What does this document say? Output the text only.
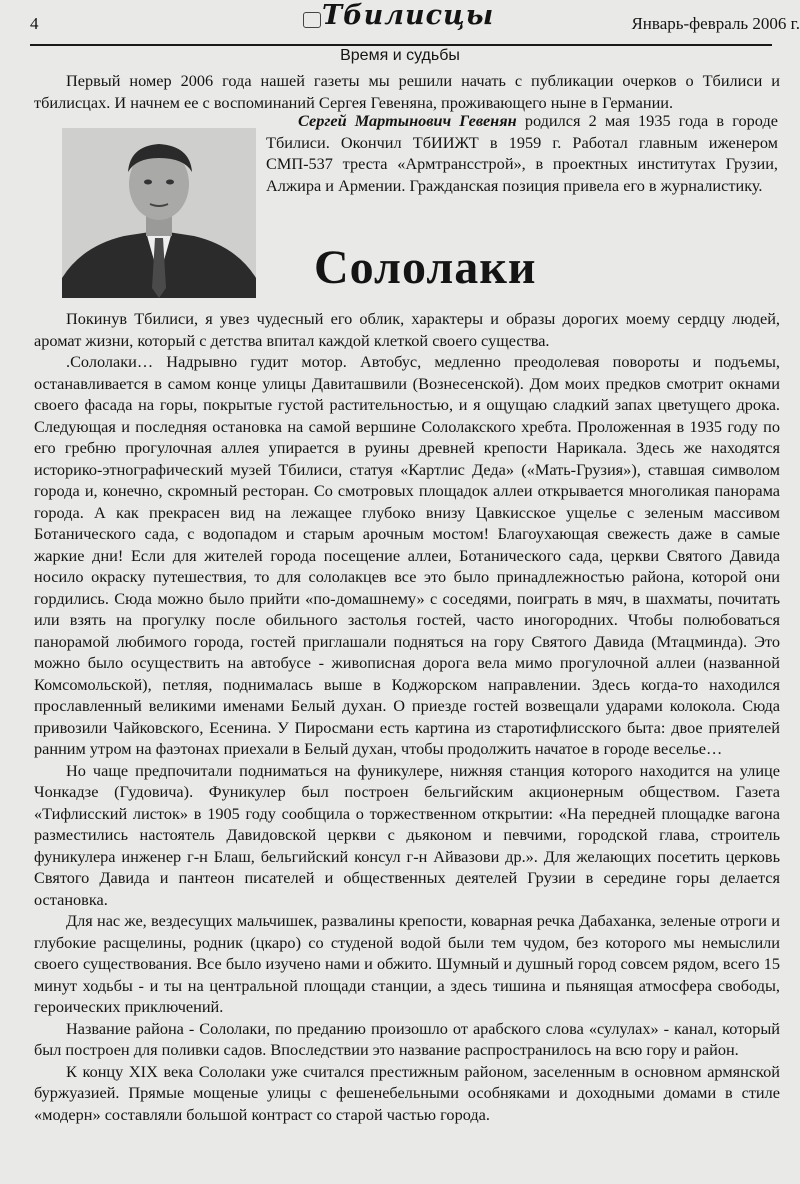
4	Тбилисцы	Январь-февраль 2006 г.
Время и судьбы

Первый номер 2006 года нашей газеты мы решили начать с публикации очерков о Тбилиси и тбилисцах. И начнем ее с воспоминаний Сергея Гевеняна, проживающего ныне в Германии.

Сергей Мартынович Гевенян родился 2 мая 1935 года в городе Тбилиси. Окончил ТбИИЖТ в 1959 г. Работал главным иженером СМП-537 треста «Армтрансстрой», в проектных институтах Грузии, Алжира и Армении. Гражданская позиция привела его в журналистику.

Сололаки

Покинув Тбилиси, я увез чудесный его облик, характеры и образы дорогих моему сердцу людей, аромат жизни, который с детства впитал каждой клеткой своего существа.

.Сололаки… Надрывно гудит мотор. Автобус, медленно преодолевая повороты и подъемы, останавливается в самом конце улицы Давиташвили (Вознесенской). Дом моих предков смотрит окнами своего фасада на горы, покрытые густой растительностью, и я ощущаю сладкий запах цветущего дрока. Следующая и последняя остановка на самой вершине Сололакского хребта. Проложенная в 1935 году по его гребню прогулочная аллея упирается в руины древней крепости Нарикала. Здесь же находятся историко-этнографический музей Тбилиси, статуя «Картлис Деда» («Мать-Грузия»), ставшая символом города и, конечно, скромный ресторан. Со смотровых площадок аллеи открывается многоликая панорама города. А как прекрасен вид на лежащее глубоко внизу Цавкисское ущелье с зеленым массивом Ботанического сада, с водопадом и старым арочным мостом! Благоухающая свежесть даже в самые жаркие дни! Если для жителей города посещение аллеи, Ботанического сада, церкви Святого Давида носило окраску путешествия, то для сололакцев все это было принадлежностью района, которой они гордились. Сюда можно было прийти «по-домашнему» с соседями, поиграть в мяч, в шахматы, почитать или взять на прогулку после обильного застолья гостей, часто иногородних. Чтобы полюбоваться панорамой любимого города, гостей приглашали подняться на гору Святого Давида (Мтацминда). Это можно было осуществить на автобусе - живописная дорога вела мимо прогулочной аллеи (названной Комсомольской), петляя, поднималась выше в Коджорском направлении. Здесь когда-то находился прославленный великими именами Белый духан. О приезде гостей возвещали ударами колокола. Сюда привозили Чайковского, Есенина. У Пиросмани есть картина из старотифлисского быта: двое приятелей ранним утром на фаэтонах приехали в Белый духан, чтобы продолжить начатое в городе веселье…

Но чаще предпочитали подниматься на фуникулере, нижняя станция которого находится на улице Чонкадзе (Гудовича). Фуникулер был построен бельгийским акционерным обществом. Газета «Тифлисский листок» в 1905 году сообщила о торжественном открытии: «На передней площадке вагона разместились настоятель Давидовской церкви с дьяконом и певчими, городской глава, строитель фуникулера инженер г-н Блаш, бельгийский консул г-н Айвазови др.». Для желающих посетить церковь Святого Давида и пантеон писателей и общественных деятелей Грузии в середине горы делается остановка.

Для нас же, вездесущих мальчишек, развалины крепости, коварная речка Дабаханка, зеленые отроги и глубокие расщелины, родник (цкаро) со студеной водой были тем чудом, без которого мы немыслили своего существования. Все было изучено нами и обжито. Шумный и душный город совсем рядом, всего 15 минут ходьбы - и ты на центральной площади станции, а здесь тишина и пьянящая атмосфера свободы, героических приключений.

Название района - Сололаки, по преданию произошло от арабского слова «сулулах» - канал, который был построен для поливки садов. Впоследствии это название распространилось на всю гору и район.

К концу XIX века Сололаки уже считался престижным районом, заселенным в основном армянской буржуазией. Прямые мощеные улицы с фешенебельными особняками и доходными домами в стиле «модерн» составляли большой контраст со старой частью города.
